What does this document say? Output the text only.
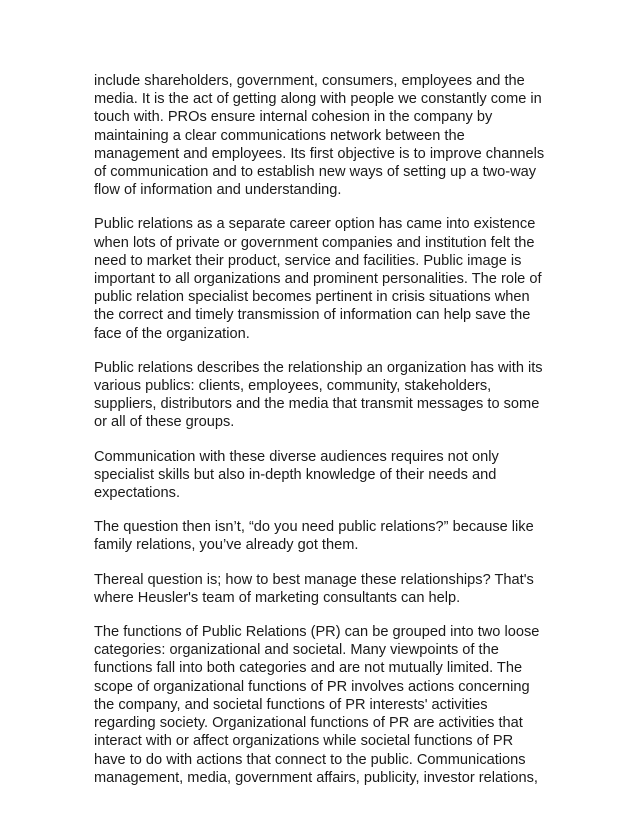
include shareholders, government, consumers, employees and the
media. It is the act of getting along with people we constantly come in
touch with. PROs ensure internal cohesion in the company by
maintaining a clear communications network between the
management and employees. Its first objective is to improve channels
of communication and to establish new ways of setting up a two-way
flow of information and understanding.

Public relations as a separate career option has came into existence
when lots of private or government companies and institution felt the
need to market their product, service and facilities. Public image is
important to all organizations and prominent personalities. The role of
public relation specialist becomes pertinent in crisis situations when
the correct and timely transmission of information can help save the
face of the organization.

Public relations describes the relationship an organization has with its
various publics: clients, employees, community, stakeholders,
suppliers, distributors and the media that transmit messages to some
or all of these groups.

Communication with these diverse audiences requires not only
specialist skills but also in-depth knowledge of their needs and
expectations.

The question then isn’t, “do you need public relations?” because like
family relations, you’ve already got them.

Thereal question is; how to best manage these relationships? That's
where Heusler's team of marketing consultants can help.

The functions of Public Relations (PR) can be grouped into two loose
categories: organizational and societal. Many viewpoints of the
functions fall into both categories and are not mutually limited. The
scope of organizational functions of PR involves actions concerning
the company, and societal functions of PR interests' activities
regarding society. Organizational functions of PR are activities that
interact with or affect organizations while societal functions of PR
have to do with actions that connect to the public. Communications
management, media, government affairs, publicity, investor relations,
